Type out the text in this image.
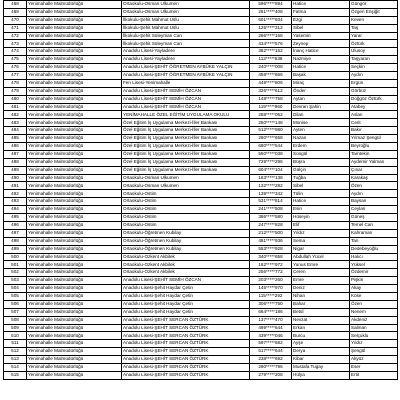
468	Yenimahalle Malmüdürlüğü	Ortaokulu-Osman Ulkumen	596*****894	Hatice	Güngör
469	Yenimahalle Malmüdürlüğü	Ortaokulu-Osman Ulkumen	261*****408	Fatma	Özgen Enşiğit
470	Yenimahalle Malmüdürlüğü	İlkokulu-Şehit Mahmut Uslu	601*****934	Ezgi	Keven
471	Yenimahalle Malmüdürlüğü	İlkokulu-Şehit Mahmut Uslu	125*****312	Sibel	Taş
472	Yenimahalle Malmüdürlüğü	İlkokulu-Şehit Süleyman Can	266*****158	Yasemin	Yarar
473	Yenimahalle Malmüdürlüğü	İlkokulu-Şehit Süleyman Can	434*****576	Zeynep	Öztürk
474	Yenimahalle Malmüdürlüğü	Anadolu Lisesi-Yayladere	382*****152	İnanç Hatice	Ulusoy
475	Yenimahalle Malmüdürlüğü	Anadolu Lisesi-Yayladere	113*****538	Nazmiye	Taşyaran
476	Yenimahalle Malmüdürlüğü	Anadolu Lisesi-ŞEHİT ÖĞRETMEN AYBÜKE YALÇIN	240*****008	Hatice	Seçkin
477	Yenimahalle Malmüdürlüğü	Anadolu Lisesi-ŞEHİT ÖĞRETMEN AYBÜKE YALÇIN	458*****866	Başak	Aydın
478	Yenimahalle Malmüdürlüğü	Fen Lisesi-Yenimahalle	449*****806	Miraç	Ergün
479	Yenimahalle Malmüdürlüğü	Anadolu Lisesi-ŞEHİT SEMİH ÖZCAN	326*****612	Önder	Görbüz
480	Yenimahalle Malmüdürlüğü	Anadolu Lisesi-ŞEHİT SEMİH ÖZCAN	148*****758	Aytan	Doğgöz Öztürk
481	Yenimahalle Malmüdürlüğü	Anadolu Lisesi-ŞEHİT SEMİH ÖZCAN	119*****960	Devran Şahin	Atabey
482	Yenimahalle Malmüdürlüğü	YENİMAHALLE ÖZEL EĞİTİM UYGULAMA OKULU	288*****052	Dilan	Aslan
483	Yenimahalle Malmüdürlüğü	Özel Eğitim İş Uygulama Merkezi-İller Bankası	250*****148	Münise	Cerit
484	Yenimahalle Malmüdürlüğü	Özel Eğitim İş Uygulama Merkezi-İller Bankası	512*****980	Ayten	Bakır
485	Yenimahalle Malmüdürlüğü	Özel Eğitim İş Uygulama Merkezi-İller Bankası	260*****658	Nazan	Yılmaz Şengül
486	Yenimahalle Malmüdürlüğü	Özel Eğitim İş Uygulama Merkezi-İller Bankası	680*****544	Erdem	Beyroğlu
487	Yenimahalle Malmüdürlüğü	Özel Eğitim İş Uygulama Merkezi-İller Bankası	550*****038	Songül	Tamtekin
488	Yenimahalle Malmüdürlüğü	Özel Eğitim İş Uygulama Merkezi-İller Bankası	729*****296	Büşra	Aydemir Yalman
489	Yenimahalle Malmüdürlüğü	Özel Eğitim İş Uygulama Merkezi-İller Bankası	604*****104	Gülçin	Çınar
490	Yenimahalle Malmüdürlüğü	Ortaokulu-Osman Ulkumen	163*****138	Tuğba	Karakaş
491	Yenimahalle Malmüdürlüğü	Ortaokulu-Osman Ulkumen	132*****282	Sibel	Özen
492	Yenimahalle Malmüdürlüğü	Ortaokulu-Ostim	139*****342	Tülin	Aydın
493	Yenimahalle Malmüdürlüğü	Ortaokulu-Ostim	531*****814	Hatice	Baysan
494	Yenimahalle Malmüdürlüğü	Ortaokulu-Ostim	241*****508	Esin	Ceylan
495	Yenimahalle Malmüdürlüğü	Ortaokulu-Ostim	386*****580	Hüseyin	Güneş
496	Yenimahalle Malmüdürlüğü	Ortaokulu-Ostim	247*****828	Elif	Temel Can
497	Yenimahalle Malmüdürlüğü	Ortaokulu-Öğretmen Kubilay	212*****500	Yıldız	Kahraman
498	Yenimahalle Malmüdürlüğü	Ortaokulu-Öğretmen Kubilay	481*****936	Sema	Tan
499	Yenimahalle Malmüdürlüğü	Ortaokulu-Öğretmen Kubilay	553*****928	Nigar	Dedebeyoğlu
500	Yenimahalle Malmüdürlüğü	Ortaokulu-Ozkent Akbilek	340*****658	Abdullah Yücel	Halıcı
501	Yenimahalle Malmüdürlüğü	Ortaokulu-Ozkent Akbilek	162*****972	Yunus Emre	Yüksel
502	Yenimahalle Malmüdürlüğü	Ortaokulu-Ozkent Akbilek	256*****772	Ceren	Özdemir
503	Yenimahalle Malmüdürlüğü	Anadolu Lisesi-ŞEHİT SEMİH ÖZCAN	203*****260	Emre	Pişkin
504	Yenimahalle Malmüdürlüğü	Anadolu Lisesi-Şehit Haydar Çetin	145*****970	Deniz	Akay
505	Yenimahalle Malmüdürlüğü	Anadolu Lisesi-Şehit Haydar Çetin	115*****292	Nihan	Köse
506	Yenimahalle Malmüdürlüğü	Anadolu Lisesi-Şehit Haydar Çetin	306*****750	Bahar	Özen
507	Yenimahalle Malmüdürlüğü	Anadolu Lisesi-Şehit Haydar Çetin	664*****186	Betül	Nenem
508	Yenimahalle Malmüdürlüğü	Anadolu Lisesi-ŞEHİT SERCAN ÖZTÜRK	137*****470	Nevzat	Akdeniz
509	Yenimahalle Malmüdürlüğü	Anadolu Lisesi-ŞEHİT SERCAN ÖZTÜRK	499*****644	Erkan	Salman
510	Yenimahalle Malmüdürlüğü	Anadolu Lisesi-ŞEHİT SERCAN ÖZTÜRK	439*****046	Burcu	Selçuklu
511	Yenimahalle Malmüdürlüğü	Anadolu Lisesi-ŞEHİT SERCAN ÖZTÜRK	597*****682	Ayşe	Yıldız
512	Yenimahalle Malmüdürlüğü	Anadolu Lisesi-ŞEHİT SERCAN ÖZTÜRK	517*****644	Derya	Şengül
513	Yenimahalle Malmüdürlüğü	Anadolu Lisesi-ŞEHİT SERCAN ÖZTÜRK	238*****692	Kibar	Akyüz
514	Yenimahalle Malmüdürlüğü	Anadolu Lisesi-ŞEHİT SERCAN ÖZTÜRK	290*****796	Mustafa Tugay	Eser
515	Yenimahalle Malmüdürlüğü	Anadolu Lisesi-ŞEHİT SERCAN ÖZTÜRK	279*****208	Hülya	Ertit
